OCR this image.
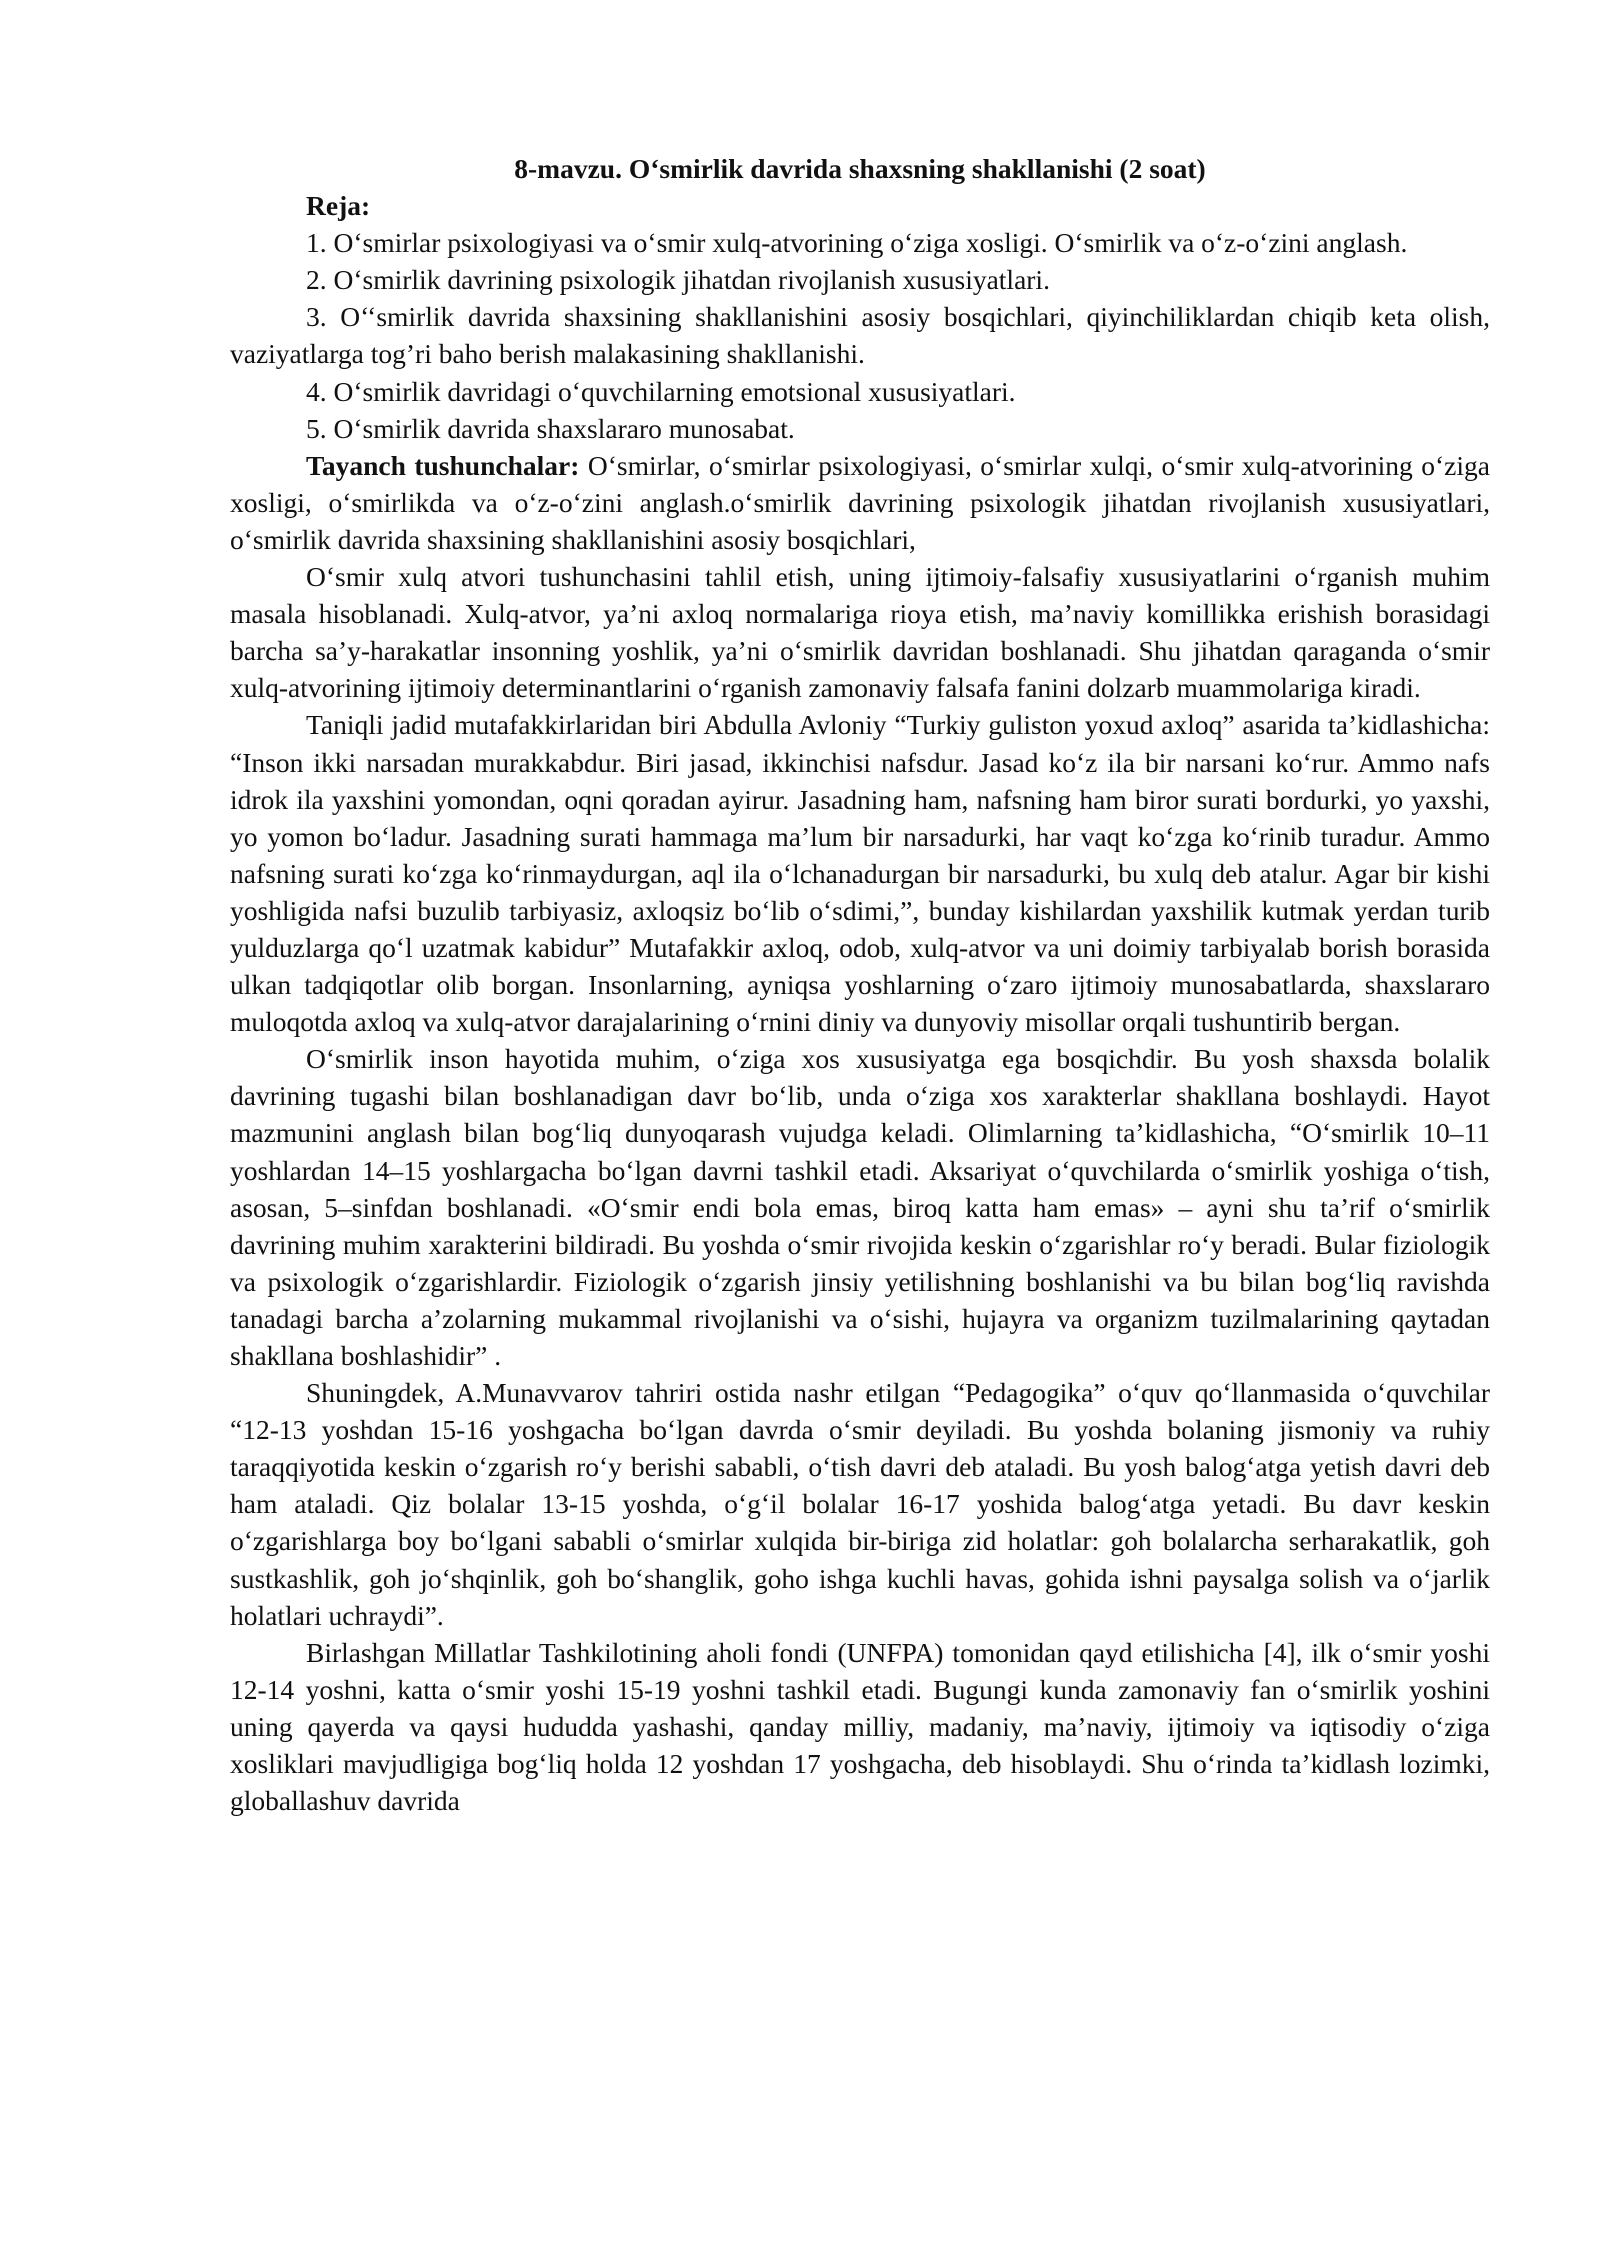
8-mavzu. O‘smirlik davrida shaxsning shakllanishi (2 soat)

Reja:

1. O‘smirlar psixologiyasi va o‘smir xulq-atvorining o‘ziga xosligi. O‘smirlik va o‘z-o‘zini anglash.

2. O‘smirlik davrining psixologik jihatdan rivojlanish xususiyatlari.

3. O‘‘smirlik davrida shaxsining shakllanishini asosiy bosqichlari, qiyinchiliklardan chiqib keta olish, vaziyatlarga tog’ri baho berish malakasining shakllanishi.

4. O‘smirlik davridagi o‘quvchilarning emotsional xususiyatlari.

5. O‘smirlik davrida shaxslararo munosabat.

Tayanch tushunchalar: O‘smirlar, o‘smirlar psixologiyasi, o‘smirlar xulqi, o‘smir xulq-atvorining o‘ziga xosligi, o‘smirlikda va o‘z-o‘zini anglash.o‘smirlik davrining psixologik jihatdan rivojlanish xususiyatlari, o‘smirlik davrida shaxsining shakllanishini asosiy bosqichlari,

O‘smir xulq atvori tushunchasini tahlil etish, uning ijtimoiy-falsafiy xususiyatlarini o‘rganish muhim masala hisoblanadi. Xulq-atvor, ya’ni axloq normalariga rioya etish, ma’naviy komillikka erishish borasidagi barcha sa’y-harakatlar insonning yoshlik, ya’ni o‘smirlik davridan boshlanadi. Shu jihatdan qaraganda o‘smir xulq-atvorining ijtimoiy determinantlarini o‘rganish zamonaviy falsafa fanini dolzarb muammolariga kiradi.

Taniqli jadid mutafakkirlaridan biri Abdulla Avloniy “Turkiy guliston yoxud axloq” asarida ta’kidlashicha: “Inson ikki narsadan murakkabdur. Biri jasad, ikkinchisi nafsdur. Jasad ko‘z ila bir narsani ko‘rur. Ammo nafs idrok ila yaxshini yomondan, oqni qoradan ayirur. Jasadning ham, nafsning ham biror surati bordurki, yo yaxshi, yo yomon bo‘ladur. Jasadning surati hammaga ma’lum bir narsadurki, har vaqt ko‘zga ko‘rinib turadur. Ammo nafsning surati ko‘zga ko‘rinmaydurgan, aql ila o‘lchanadurgan bir narsadurki, bu xulq deb atalur. Agar bir kishi yoshligida nafsi buzulib tarbiyasiz, axloqsiz bo‘lib o‘sdimi,”, bunday kishilardan yaxshilik kutmak yerdan turib yulduzlarga qo‘l uzatmak kabidur” Mutafakkir axloq, odob, xulq-atvor va uni doimiy tarbiyalab borish borasida ulkan tadqiqotlar olib borgan. Insonlarning, ayniqsa yoshlarning o‘zaro ijtimoiy munosabatlarda, shaxslararo muloqotda axloq va xulq-atvor darajalarining o‘rnini diniy va dunyoviy misollar orqali tushuntirib bergan.

O‘smirlik inson hayotida muhim, o‘ziga xos xususiyatga ega bosqichdir. Bu yosh shaxsda bolalik davrining tugashi bilan boshlanadigan davr bo‘lib, unda o‘ziga xos xarakterlar shakllana boshlaydi. Hayot mazmunini anglash bilan bog‘liq dunyoqarash vujudga keladi. Olimlarning ta’kidlashicha, “O‘smirlik 10–11 yoshlardan 14–15 yoshlargacha bo‘lgan davrni tashkil etadi. Aksariyat o‘quvchilarda o‘smirlik yoshiga o‘tish, asosan, 5–sinfdan boshlanadi. «O‘smir endi bola emas, biroq katta ham emas» – ayni shu ta’rif o‘smirlik davrining muhim xarakterini bildiradi. Bu yoshda o‘smir rivojida keskin o‘zgarishlar ro‘y beradi. Bular fiziologik va psixologik o‘zgarishlardir. Fiziologik o‘zgarish jinsiy yetilishning boshlanishi va bu bilan bog‘liq ravishda tanadagi barcha a’zolarning mukammal rivojlanishi va o‘sishi, hujayra va organizm tuzilmalarining qaytadan shakllana boshlashidir” .

Shuningdek, A.Munavvarov tahriri ostida nashr etilgan “Pedagogika” o‘quv qo‘llanmasida o‘quvchilar “12-13 yoshdan 15-16 yoshgacha bo‘lgan davrda o‘smir deyiladi. Bu yoshda bolaning jismoniy va ruhiy taraqqiyotida keskin o‘zgarish ro‘y berishi sababli, o‘tish davri deb ataladi. Bu yosh balog‘atga yetish davri deb ham ataladi. Qiz bolalar 13-15 yoshda, o‘g‘il bolalar 16-17 yoshida balog‘atga yetadi. Bu davr keskin o‘zgarishlarga boy bo‘lgani sababli o‘smirlar xulqida bir-biriga zid holatlar: goh bolalarcha serharakatlik, goh sustkashlik, goh jo‘shqinlik, goh bo‘shanglik, goho ishga kuchli havas, gohida ishni paysalga solish va o‘jarlik holatlari uchraydi”.

Birlashgan Millatlar Tashkilotining aholi fondi (UNFPA) tomonidan qayd etilishicha [4], ilk o‘smir yoshi 12-14 yoshni, katta o‘smir yoshi 15-19 yoshni tashkil etadi. Bugungi kunda zamonaviy fan o‘smirlik yoshini uning qayerda va qaysi hududda yashashi, qanday milliy, madaniy, ma’naviy, ijtimoiy va iqtisodiy o‘ziga xosliklari mavjudligiga bog‘liq holda 12 yoshdan 17 yoshgacha, deb hisoblaydi. Shu o‘rinda ta’kidlash lozimki, globallashuv davrida
